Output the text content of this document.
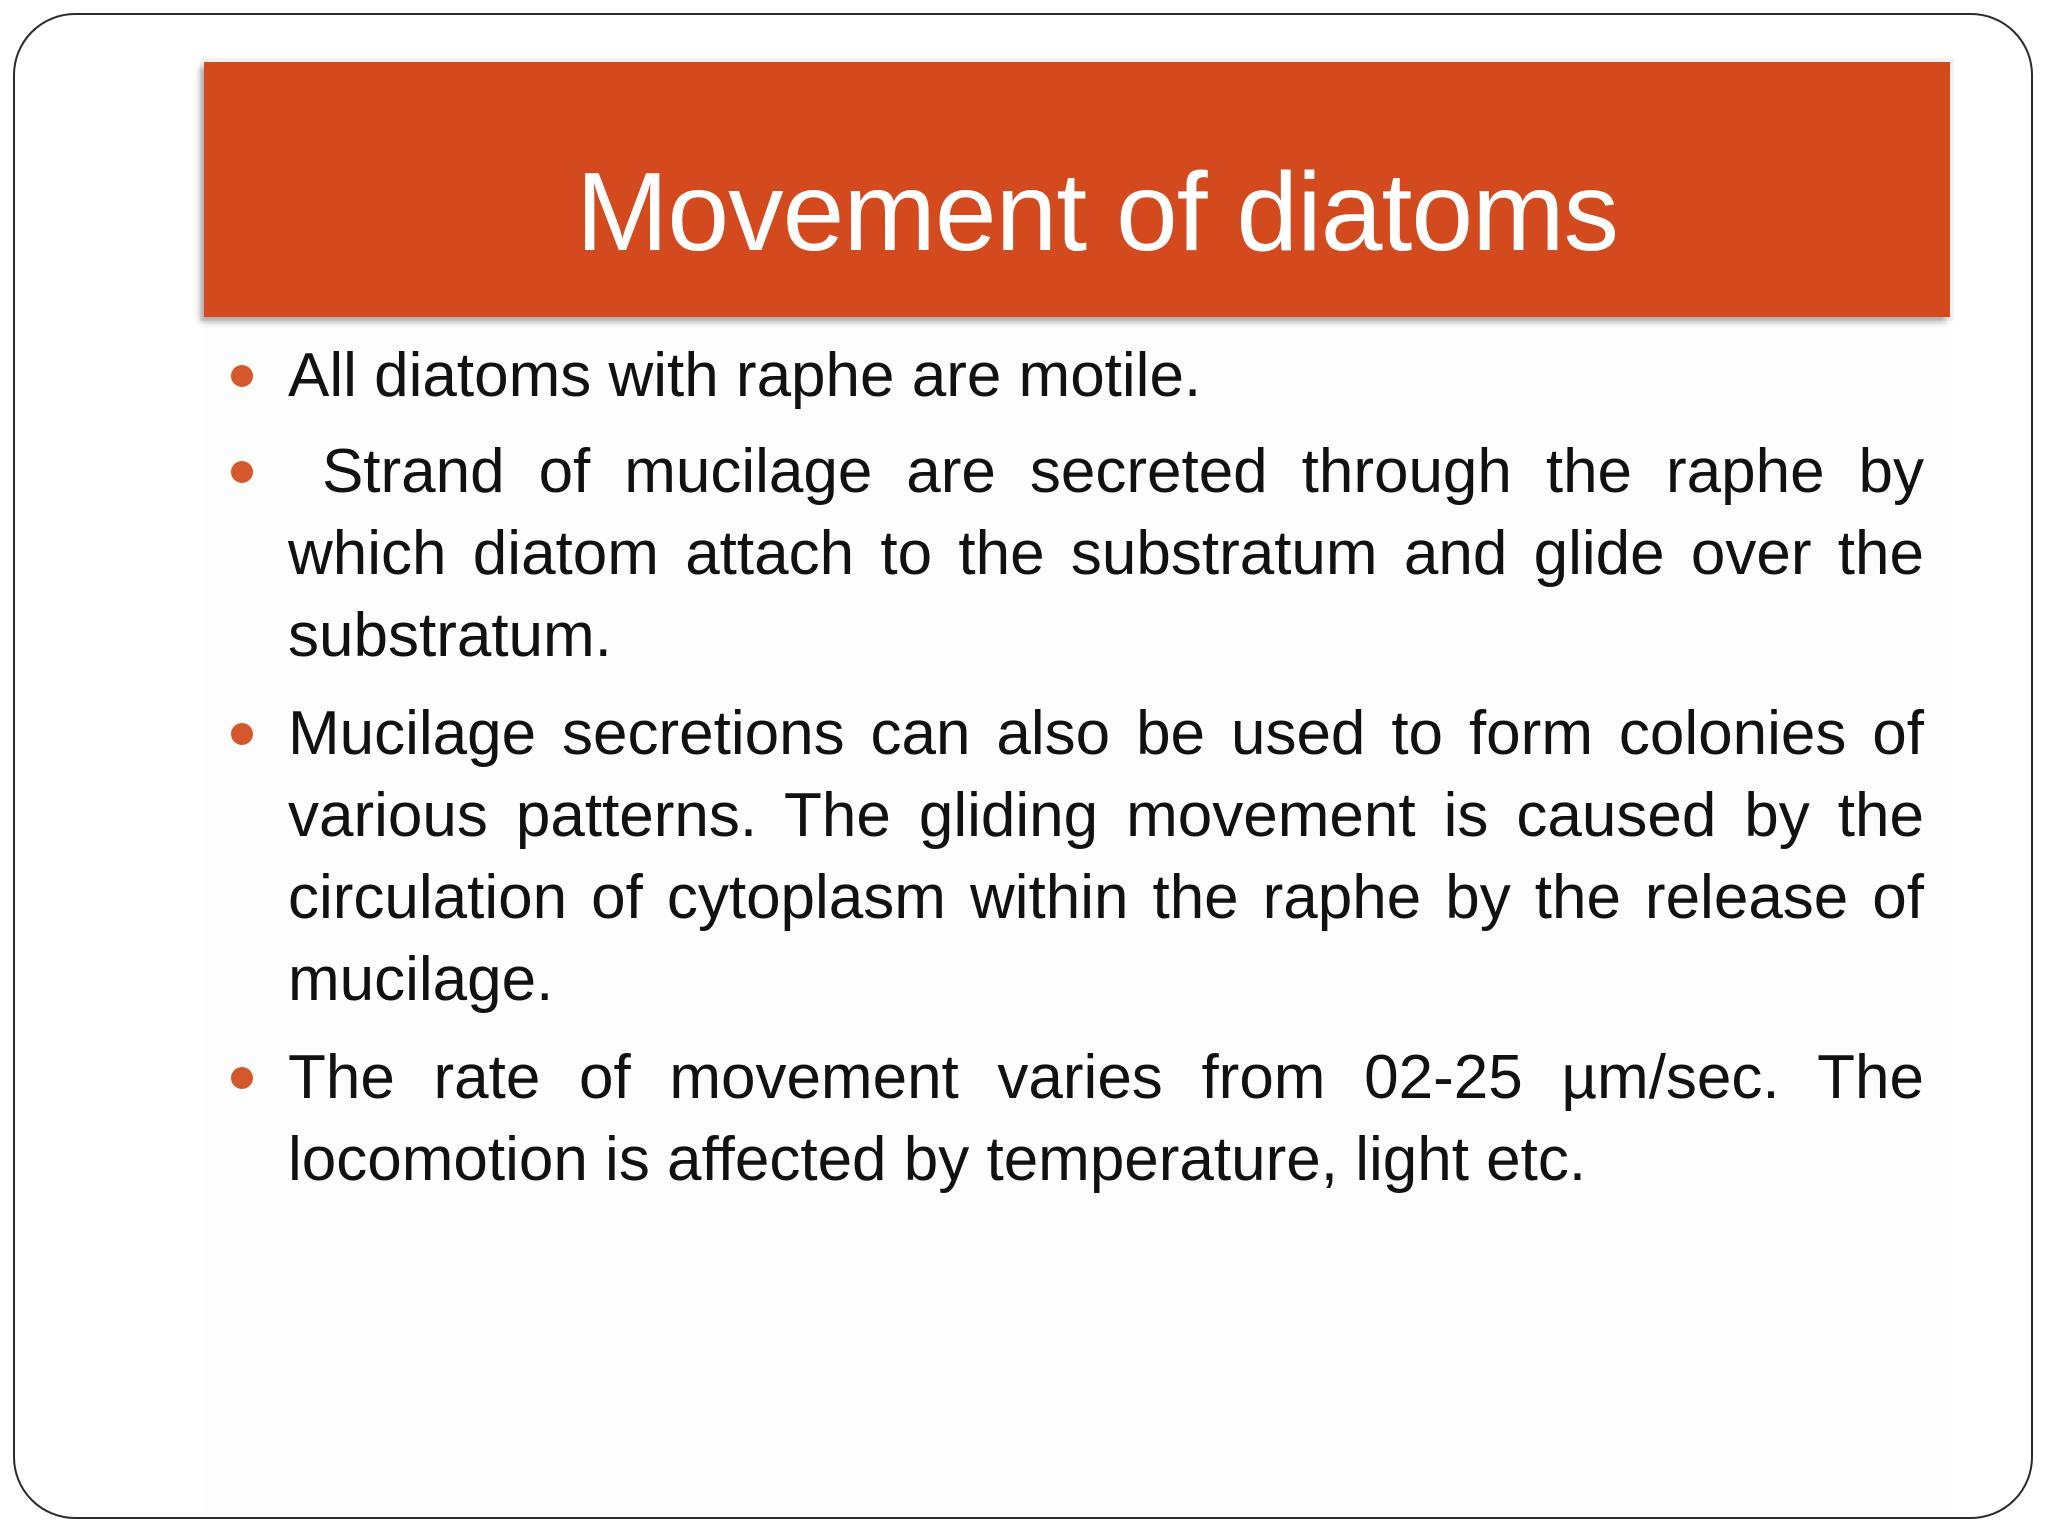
Movement of diatoms
All diatoms with raphe are motile.
Strand of mucilage are secreted through the raphe by which diatom attach to the substratum and glide over the substratum.
Mucilage secretions can also be used to form colonies of various patterns. The gliding movement is caused by the circulation of cytoplasm within the raphe by the release of mucilage.
The rate of movement varies from 02-25 µm/sec. The locomotion is affected by temperature, light etc.
